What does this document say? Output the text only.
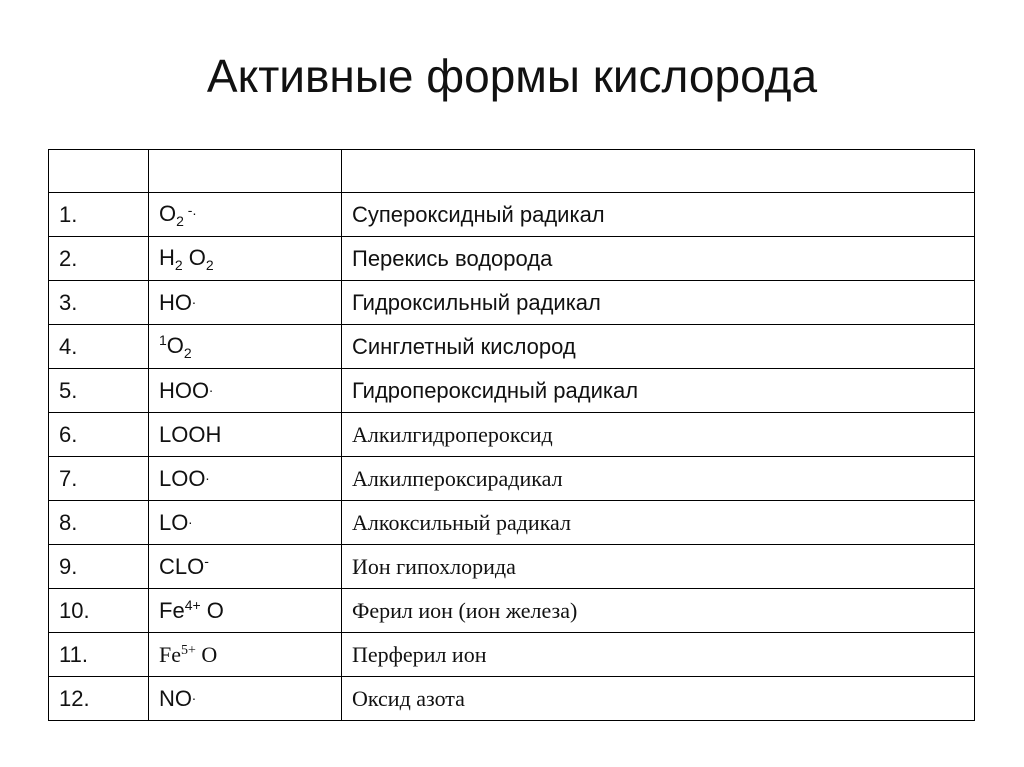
Активные формы кислорода

1.	$O_2$ -.	Супероксидный радикал
2.	$H_2$ $O_2$	Перекись водорода
3.	HO.	Гидроксильный радикал
4.	$^1O_2$	Синглетный кислород
5.	HOO.	Гидропероксидный радикал
6.	LOOH	Алкилгидропероксид
7.	LOO.	Алкилпероксирадикал
8.	LO.	Алкоксильный радикал
9.	CLO-	Ион гипохлорида
10.	$Fe^{4+}$ O	Ферил ион (ион железа)
11.	$Fe^{5+}$ O	Перферил ион
12.	NO.	Оксид азота
